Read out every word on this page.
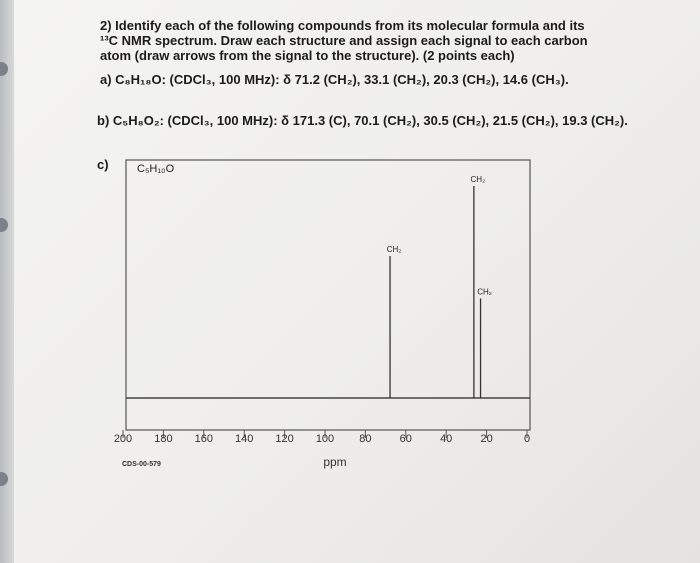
2) Identify each of the following compounds from its molecular formula and its ¹³C NMR spectrum. Draw each structure and assign each signal to each carbon atom (draw arrows from the signal to the structure). (2 points each)
a) C₈H₁₈O: (CDCl₃, 100 MHz): δ 71.2 (CH₂), 33.1 (CH₂), 20.3 (CH₂), 14.6 (CH₃).
b) C₅H₈O₂: (CDCl₃, 100 MHz): δ 171.3 (C), 70.1 (CH₂), 30.5 (CH₂), 21.5 (CH₂), 19.3 (CH₂).
c)	C₅H₁₀O
ppm
CDS-00-579
200 180 160 140 120 100 80	60	40	20	0
CH₂
CH₂
CH₂
